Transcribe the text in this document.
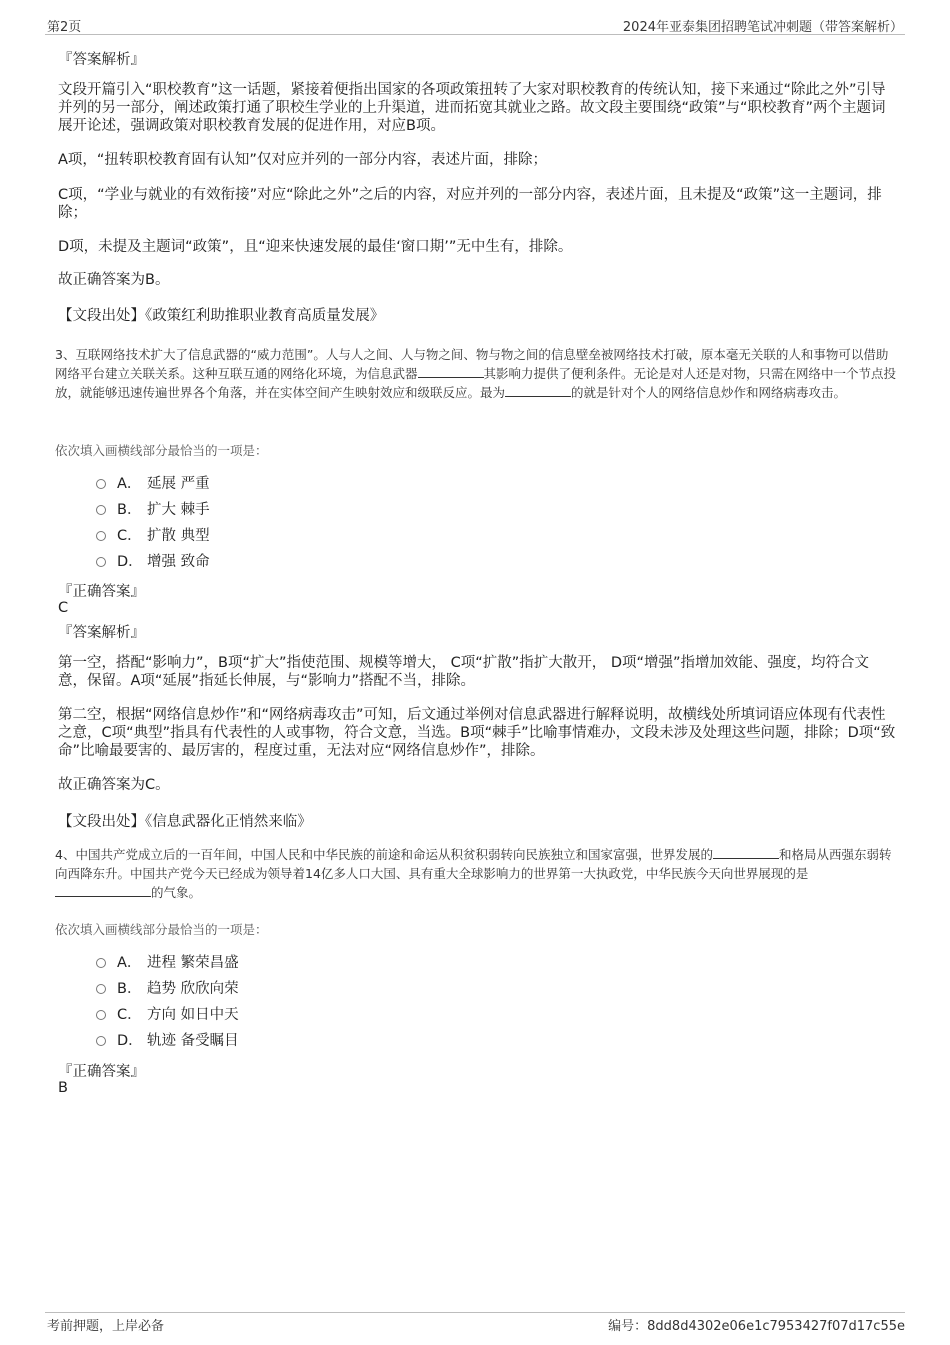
第2页	2024年亚泰集团招聘笔试冲刺题（带答案解析）
『答案解析』

文段开篇引入“职校教育”这一话题，紧接着便指出国家的各项政策扭转了大家对职校教育的传统认知，接下来通过“除此之外”引导并列的另一部分，阐述政策打通了职校生学业的上升渠道，进而拓宽其就业之路。故文段主要围绕“政策”与“职校教育”两个主题词展开论述，强调政策对职校教育发展的促进作用，对应B项。

A项，“扭转职校教育固有认知”仅对应并列的一部分内容，表述片面，排除；

C项，“学业与就业的有效衔接”对应“除此之外”之后的内容，对应并列的一部分内容，表述片面，且未提及“政策”这一主题词，排除；

D项，未提及主题词“政策”，且“迎来快速发展的最佳‘窗口期’”无中生有，排除。

故正确答案为B。

【文段出处】《政策红利助推职业教育高质量发展》

3、互联网络技术扩大了信息武器的“威力范围”。人与人之间、人与物之间、物与物之间的信息壁垒被网络技术打破，原本毫无关联的人和事物可以借助网络平台建立关联关系。这种互联互通的网络化环境，为信息武器	其影响力提供了便利条件。无论是对人还是对物，只需在网络中一个节点投放，就能够迅速传遍世界各个角落，并在实体空间产生映射效应和级联反应。最为	的就是针对个人的网络信息炒作和网络病毒攻击。

依次填入画横线部分最恰当的一项是：
A． 延展 严重
B． 扩大 棘手
C． 扩散 典型
D． 增强 致命
『正确答案』
C
『答案解析』

第一空，搭配“影响力”，B项“扩大”指使范围、规模等增大， C项“扩散”指扩大散开， D项“增强”指增加效能、强度，均符合文意，保留。A项“延展”指延长伸展，与“影响力”搭配不当，排除。

第二空，根据“网络信息炒作”和“网络病毒攻击”可知，后文通过举例对信息武器进行解释说明，故横线处所填词语应体现有代表性之意，C项“典型”指具有代表性的人或事物，符合文意，当选。B项“棘手”比喻事情难办，文段未涉及处理这些问题，排除；D项“致命”比喻最要害的、最厉害的，程度过重，无法对应“网络信息炒作”，排除。

故正确答案为C。

【文段出处】《信息武器化正悄然来临》

4、中国共产党成立后的一百年间，中国人民和中华民族的前途和命运从积贫积弱转向民族独立和国家富强，世界发展的	和格局从西强东弱转向西降东升。中国共产党今天已经成为领导着14亿多人口大国、具有重大全球影响力的世界第一大执政党，中华民族今天向世界展现的是的气象。

依次填入画横线部分最恰当的一项是：
A． 进程 繁荣昌盛
B． 趋势 欣欣向荣
C． 方向 如日中天
D． 轨迹 备受瞩目
『正确答案』
B
考前押题，上岸必备	编号：8dd8d4302e06e1c7953427f07d17c55e
